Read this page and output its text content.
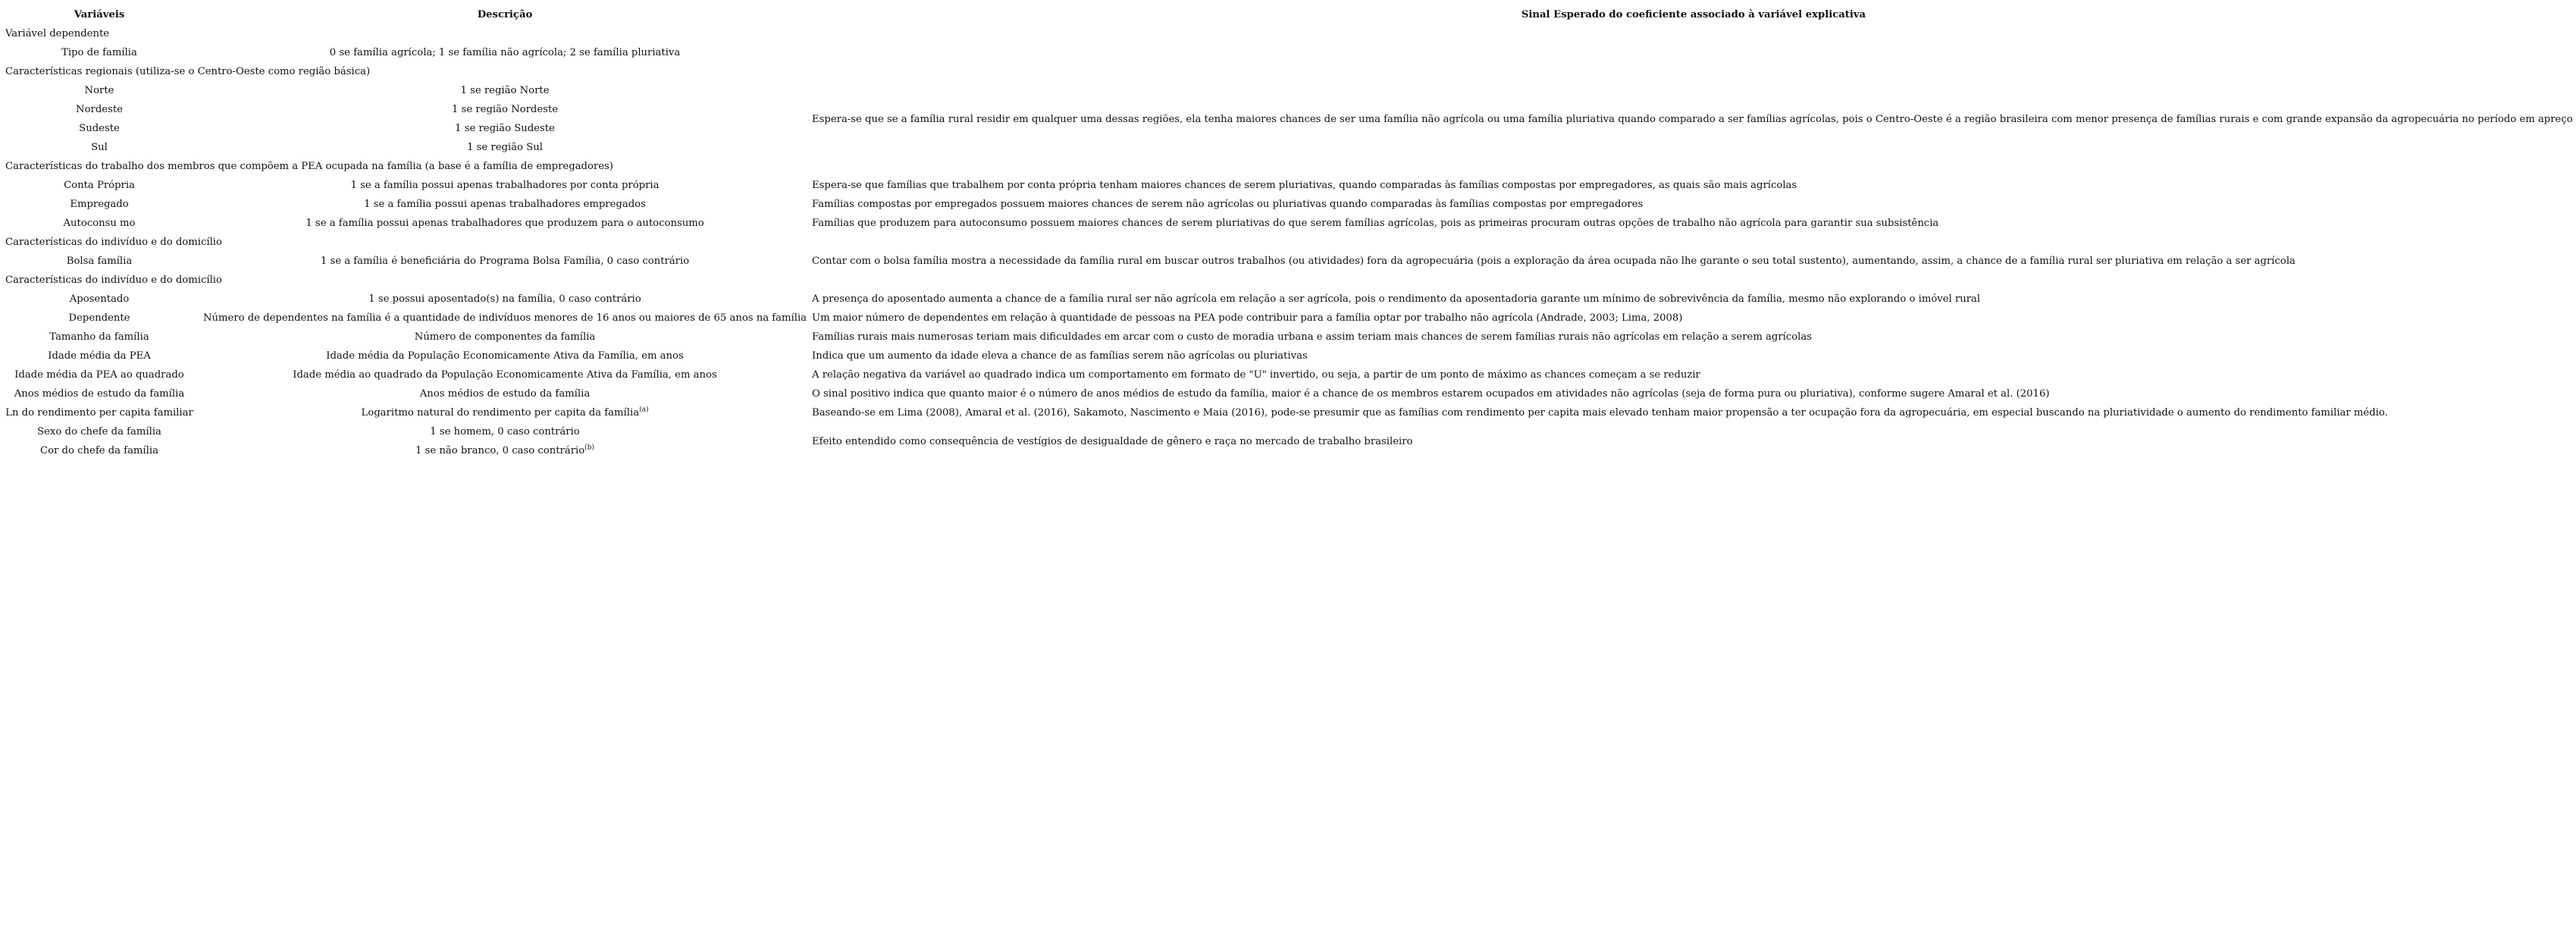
Variáveis	Descrição	Sinal Esperado do coeficiente associado à variável explicativa
Variável dependente		
Tipo de família	0 se família agrícola; 1 se família não agrícola; 2 se família pluriativa	
Características regionais (utiliza-se o Centro-Oeste como região básica)		
Norte	1 se região Norte	Espera-se que se a família rural residir em qualquer uma dessas regiões, ela tenha maiores chances de ser uma família não agrícola ou uma família pluriativa quando comparado a ser famílias agrícolas, pois o Centro-Oeste é a região brasileira com menor presença de famílias rurais e com grande expansão da agropecuária no período em apreço
Nordeste	1 se região Nordeste	
Sudeste	1 se região Sudeste	
Sul	1 se região Sul	
Características do trabalho dos membros que compõem a PEA ocupada na família (a base é a família de empregadores)		
Conta Própria	1 se a família possui apenas trabalhadores por conta própria	Espera-se que famílias que trabalhem por conta própria tenham maiores chances de serem pluriativas, quando comparadas às famílias compostas por empregadores, as quais são mais agrícolas
Empregado	1 se a família possui apenas trabalhadores empregados	Famílias compostas por empregados possuem maiores chances de serem não agrícolas ou pluriativas quando comparadas às famílias compostas por empregadores
Autoconsu mo	1 se a família possui apenas trabalhadores que produzem para o autoconsumo	Famílias que produzem para autoconsumo possuem maiores chances de serem pluriativas do que serem famílias agrícolas, pois as primeiras procuram outras opções de trabalho não agrícola para garantir sua subsistência
Características do indivíduo e do domicílio		
Bolsa família	1 se a família é beneficiária do Programa Bolsa Família, 0 caso contrário	Contar com o bolsa família mostra a necessidade da família rural em buscar outros trabalhos (ou atividades) fora da agropecuária (pois a exploração da área ocupada não lhe garante o seu total sustento), aumentando, assim, a chance de a família rural ser pluriativa em relação a ser agrícola
Características do indivíduo e do domicílio		
Aposentado	1 se possui aposentado(s) na família, 0 caso contrário	A presença do aposentado aumenta a chance de a família rural ser não agrícola em relação a ser agrícola, pois o rendimento da aposentadoria garante um mínimo de sobrevivência da família, mesmo não explorando o imóvel rural
Dependente	Número de dependentes na família é a quantidade de indivíduos menores de 16 anos ou maiores de 65 anos na família	Um maior número de dependentes em relação à quantidade de pessoas na PEA pode contribuir para a família optar por trabalho não agrícola (Andrade, 2003; Lima, 2008)
Tamanho da família	Número de componentes da família	Famílias rurais mais numerosas teriam mais dificuldades em arcar com o custo de moradia urbana e assim teriam mais chances de serem famílias rurais não agrícolas em relação a serem agrícolas
Idade média da PEA	Idade média da População Economicamente Ativa da Família, em anos	Indica que um aumento da idade eleva a chance de as famílias serem não agrícolas ou pluriativas
Idade média da PEA ao quadrado	Idade média ao quadrado da População Economicamente Ativa da Família, em anos	A relação negativa da variável ao quadrado indica um comportamento em formato de "U" invertido, ou seja, a partir de um ponto de máximo as chances começam a se reduzir
Anos médios de estudo da família	Anos médios de estudo da família	O sinal positivo indica que quanto maior é o número de anos médios de estudo da família, maior é a chance de os membros estarem ocupados em atividades não agrícolas (seja de forma pura ou pluriativa), conforme sugere Amaral et al. (2016)
Ln do rendimento per capita familiar	Logaritmo natural do rendimento per capita da família$^{(a)}$	Baseando-se em Lima (2008), Amaral et al. (2016), Sakamoto, Nascimento e Maia (2016), pode-se presumir que as famílias com rendimento per capita mais elevado tenham maior propensão a ter ocupação fora da agropecuária, em especial buscando na pluriatividade o aumento do rendimento familiar médio.
Sexo do chefe da família	1 se homem, 0 caso contrário	Efeito entendido como consequência de vestígios de desigualdade de gênero e raça no mercado de trabalho brasileiro
Cor do chefe da família	1 se não branco, 0 caso contrário$^{(b)}$
